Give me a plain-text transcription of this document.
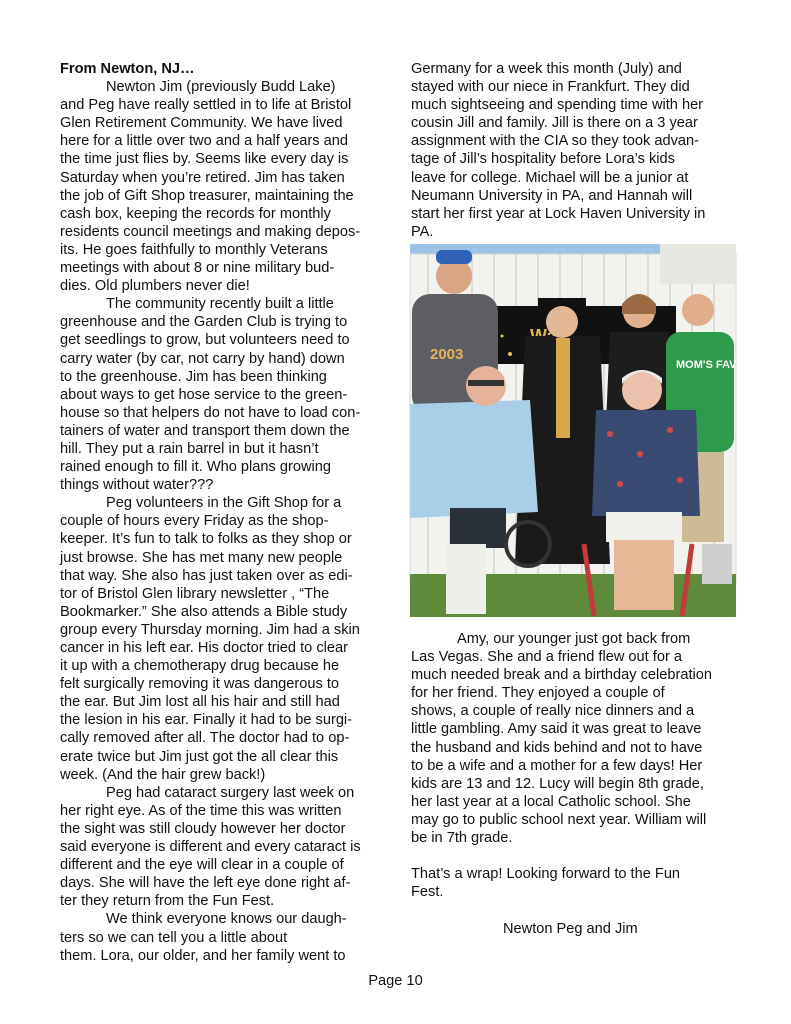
From Newton, NJ…
Newton Jim (previously Budd Lake)
and Peg have really settled in to life at Bristol
Glen Retirement Community. We have lived
here for a little over two and a half years and
the time just flies by. Seems like every day is
Saturday when you’re retired. Jim has taken
the job of Gift Shop treasurer, maintaining the
cash box, keeping the records for monthly
residents council meetings and making depos-
its. He goes faithfully to monthly Veterans
meetings with about 8 or nine military bud-
dies. Old plumbers never die!
The community recently built a little
greenhouse and the Garden Club is trying to
get seedlings to grow, but volunteers need to
carry water (by car, not carry by hand) down
to the greenhouse. Jim has been thinking
about ways to get hose service to the green-
house so that helpers do not have to load con-
tainers of water and transport them down the
hill. They put a rain barrel in but it hasn’t
rained enough to fill it. Who plans growing
things without water???
Peg volunteers in the Gift Shop for a
couple of hours every Friday as the shop-
keeper. It’s fun to talk to folks as they shop or
just browse. She has met many new people
that way. She also has just taken over as edi-
tor of Bristol Glen library newsletter , “The
Bookmarker.” She also attends a Bible study
group every Thursday morning. Jim had a skin
cancer in his left ear. His doctor tried to clear
it up with a chemotherapy drug because he
felt surgically removing it was dangerous to
the ear. But Jim lost all his hair and still had
the lesion in his ear. Finally it had to be surgi-
cally removed after all. The doctor had to op-
erate twice but Jim just got the all clear this
week. (And the hair grew back!)
Peg had cataract surgery last week on
her right eye. As of the time this was written
the sight was still cloudy however her doctor
said everyone is different and every cataract is
different and the eye will clear in a couple of
days. She will have the left eye done right af-
ter they return from the Fun Fest.
We think everyone knows our daugh-
ters so we can tell you a little about
them. Lora, our older, and her family went to
Germany for a week this month (July) and
stayed with our niece in Frankfurt. They did
much sightseeing and spending time with her
cousin Jill and family. Jill is there on a 3 year
assignment with the CIA so they took advan-
tage of Jill’s hospitality before Lora’s kids
leave for college. Michael will be a junior at
Neumann University in PA, and Hannah will
start her first year at Lock Haven University in
PA.
2003
MOM'S FAVORITE
Amy, our younger just got back from
Las Vegas. She and a friend flew out for a
much needed break and a birthday celebration
for her friend. They enjoyed a couple of
shows, a couple of really nice dinners and a
little gambling. Amy said it was great to leave
the husband and kids behind and not to have
to be a wife and a mother for a few days! Her
kids are 13 and 12. Lucy will begin 8th grade,
her last year at a local Catholic school. She
may go to public school next year. William will
be in 7th grade.
That’s a wrap! Looking forward to the Fun
Fest.
Newton Peg and Jim
Page 10
